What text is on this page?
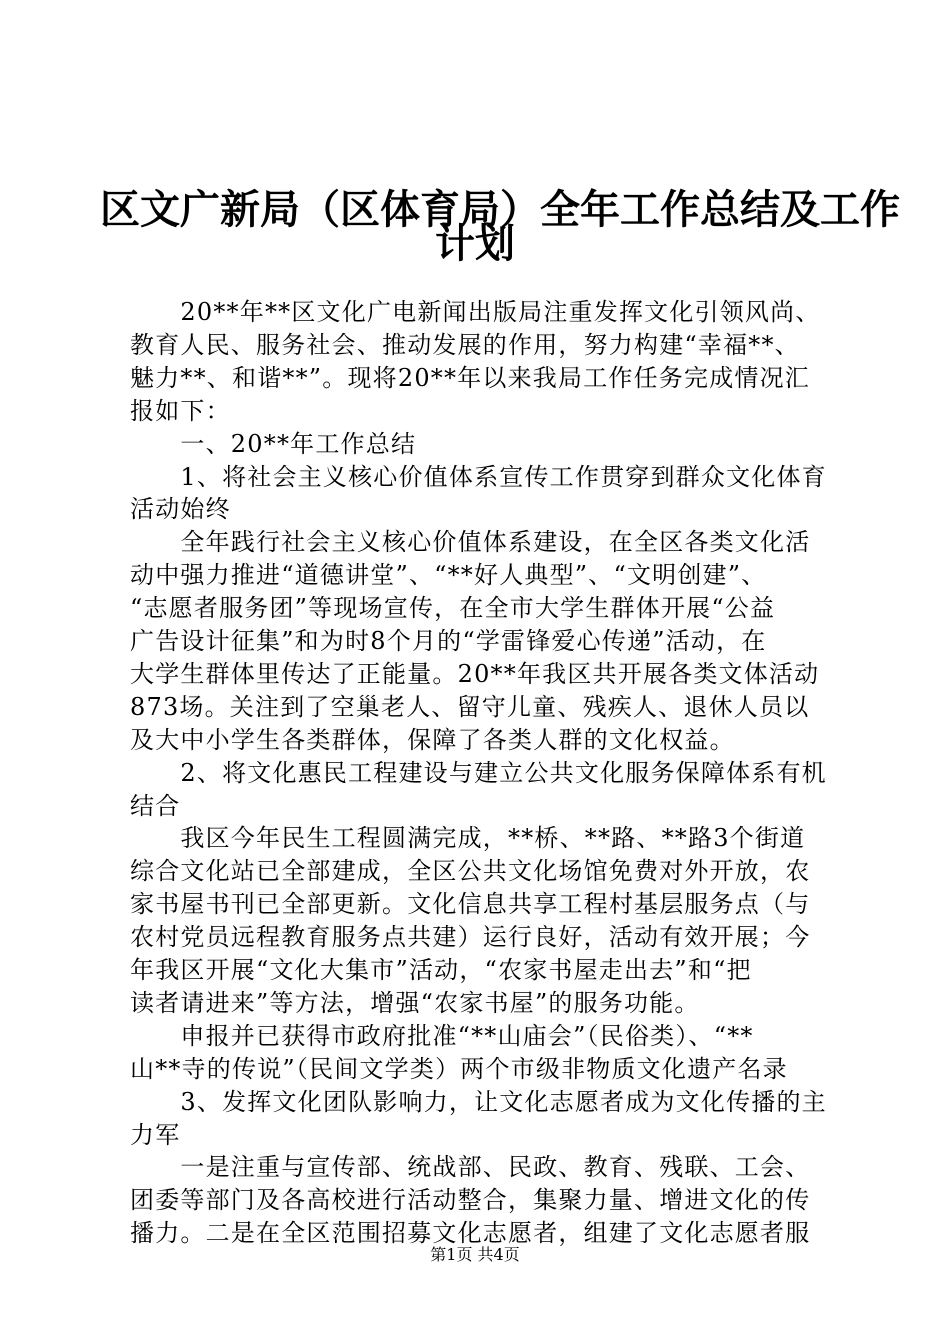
区文广新局（区体育局）全年工作总结及工作
计划
　　20**年**区文化广电新闻出版局注重发挥文化引领风尚、
教育人民、服务社会、推动发展的作用，努力构建“幸福**、
魅力**、和谐**”。现将20**年以来我局工作任务完成情况汇
报如下：
　　一、20**年工作总结
　　1、将社会主义核心价值体系宣传工作贯穿到群众文化体育
活动始终
　　全年践行社会主义核心价值体系建设，在全区各类文化活
动中强力推进“道德讲堂”、“**好人典型”、“文明创建”、
“志愿者服务团”等现场宣传，在全市大学生群体开展“公益
广告设计征集”和为时8个月的“学雷锋爱心传递”活动，在
大学生群体里传达了正能量。20**年我区共开展各类文体活动
873场。关注到了空巢老人、留守儿童、残疾人、退休人员以
及大中小学生各类群体，保障了各类人群的文化权益。
　　2、将文化惠民工程建设与建立公共文化服务保障体系有机
结合
　　我区今年民生工程圆满完成，**桥、**路、**路3个街道
综合文化站已全部建成，全区公共文化场馆免费对外开放，农
家书屋书刊已全部更新。文化信息共享工程村基层服务点（与
农村党员远程教育服务点共建）运行良好，活动有效开展；今
年我区开展“文化大集市”活动，“农家书屋走出去”和“把
读者请进来”等方法，增强“农家书屋”的服务功能。
　　申报并已获得市政府批准“**山庙会”（民俗类）、“**
山**寺的传说”（民间文学类）两个市级非物质文化遗产名录
　　3、发挥文化团队影响力，让文化志愿者成为文化传播的主
力军
　　一是注重与宣传部、统战部、民政、教育、残联、工会、
团委等部门及各高校进行活动整合，集聚力量、增进文化的传
播力。二是在全区范围招募文化志愿者，组建了文化志愿者服
第1页 共4页
